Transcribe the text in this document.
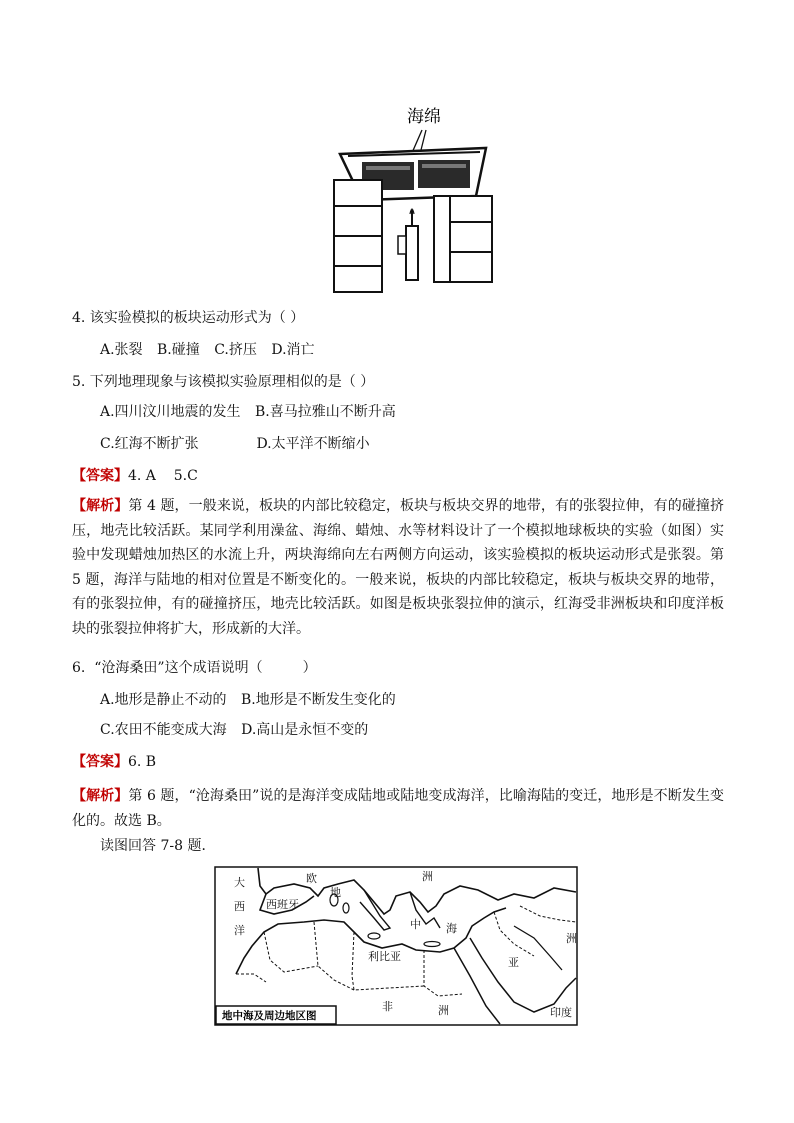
海绵
4. 该实验模拟的板块运动形式为（ ）
A.张裂 B.碰撞 C.挤压 D.消亡
5. 下列地理现象与该模拟实验原理相似的是（ ）
A.四川汶川地震的发生 B.喜马拉雅山不断升高
C.红海不断扩张	D.太平洋不断缩小
【答案】4. A    5.C
【解析】第 4 题，一般来说，板块的内部比较稳定，板块与板块交界的地带，有的张裂拉伸，有的碰撞挤压，地壳比较活跃。某同学利用澡盆、海绵、蜡烛、水等材料设计了一个模拟地球板块的实验（如图）实验中发现蜡烛加热区的水流上升，两块海绵向左右两侧方向运动，该实验模拟的板块运动形式是张裂。第 5 题，海洋与陆地的相对位置是不断变化的。一般来说，板块的内部比较稳定，板块与板块交界的地带，有的张裂拉伸，有的碰撞挤压，地壳比较活跃。如图是板块张裂拉伸的演示，红海受非洲板块和印度洋板块的张裂拉伸将扩大，形成新的大洋。
6.  “沧海桑田”这个成语说明（         ）
A.地形是静止不动的 B.地形是不断发生变化的
C.农田不能变成大海 D.高山是永恒不变的
【答案】6. B
【解析】第 6 题，“沧海桑田”说的是海洋变成陆地或陆地变成海洋，比喻海陆的变迁，地形是不断发生变化的。故选 B。
读图回答 7-8 题．
大
西
洋
欧	洲
西班牙
地
中 海
利比亚	亚
洲
非	洲	印度
地中海及周边地区图
